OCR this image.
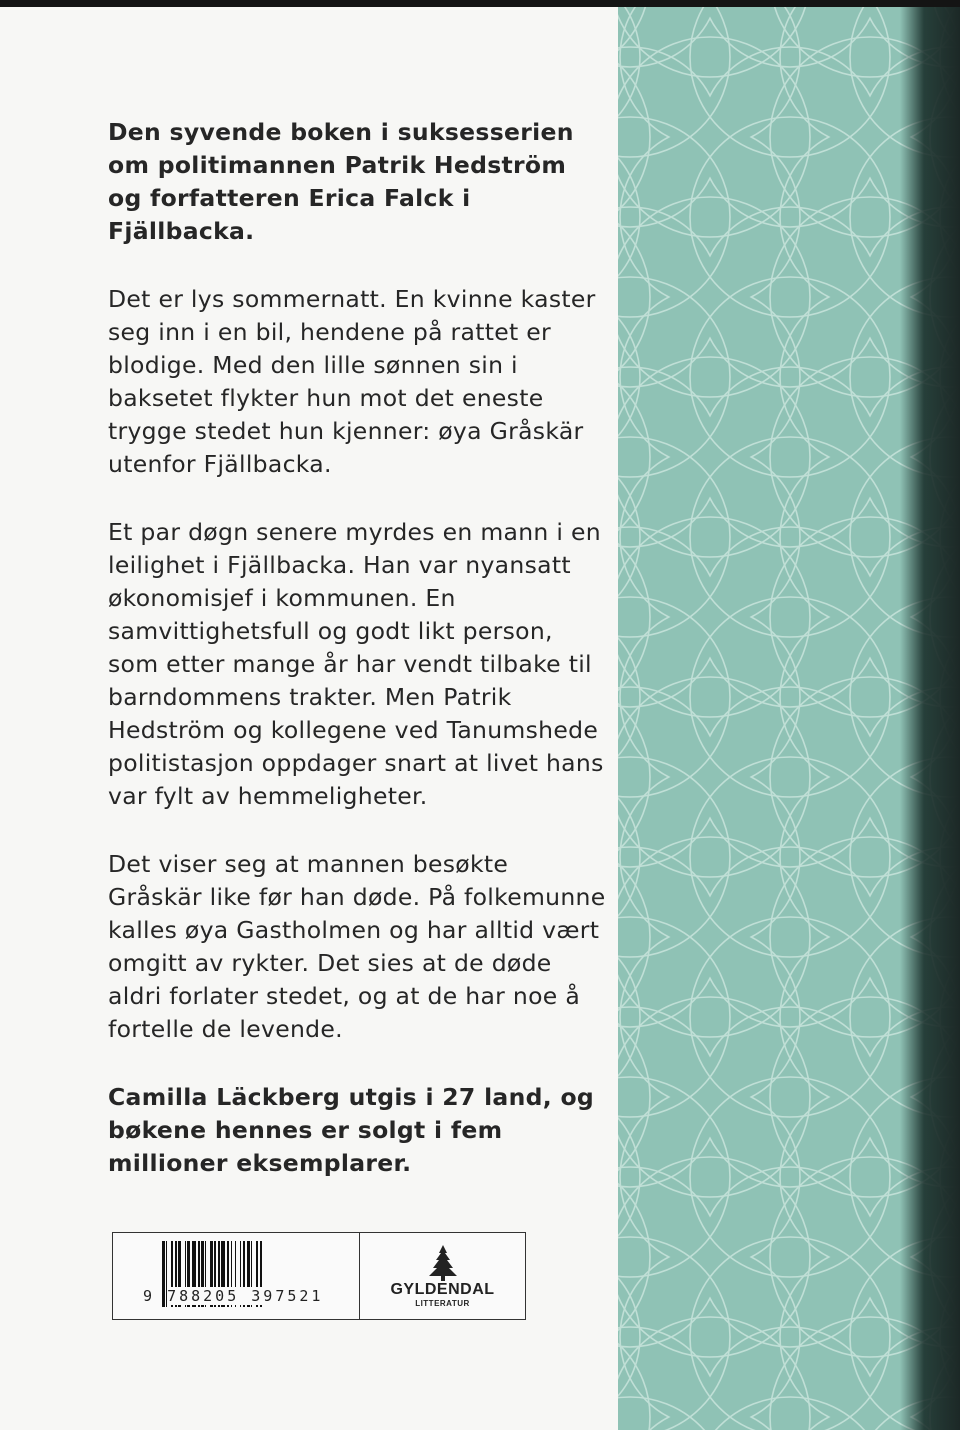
Den syvende boken i suksesserien om politimannen Patrik Hedström og forfatteren Erica Falck i Fjällbacka.

Det er lys sommernatt. En kvinne kaster seg inn i en bil, hendene på rattet er blodige. Med den lille sønnen sin i baksetet flykter hun mot det eneste trygge stedet hun kjenner: øya Gråskär utenfor Fjällbacka.

Et par døgn senere myrdes en mann i en leilighet i Fjällbacka. Han var nyansatt økonomisjef i kommunen. En samvittighetsfull og godt likt person, som etter mange år har vendt tilbake til barndommens trakter. Men Patrik Hedström og kollegene ved Tanumshede politistasjon oppdager snart at livet hans var fylt av hemmeligheter.

Det viser seg at mannen besøkte Gråskär like før han døde. På folkemunne kalles øya Gastholmen og har alltid vært omgitt av rykter. Det sies at de døde aldri forlater stedet, og at de har noe å fortelle de levende.

Camilla Läckberg utgis i 27 land, og bøkene hennes er solgt i fem millioner eksemplarer.

9 788205 397521	GYLDENDAL
LITTERATUR
